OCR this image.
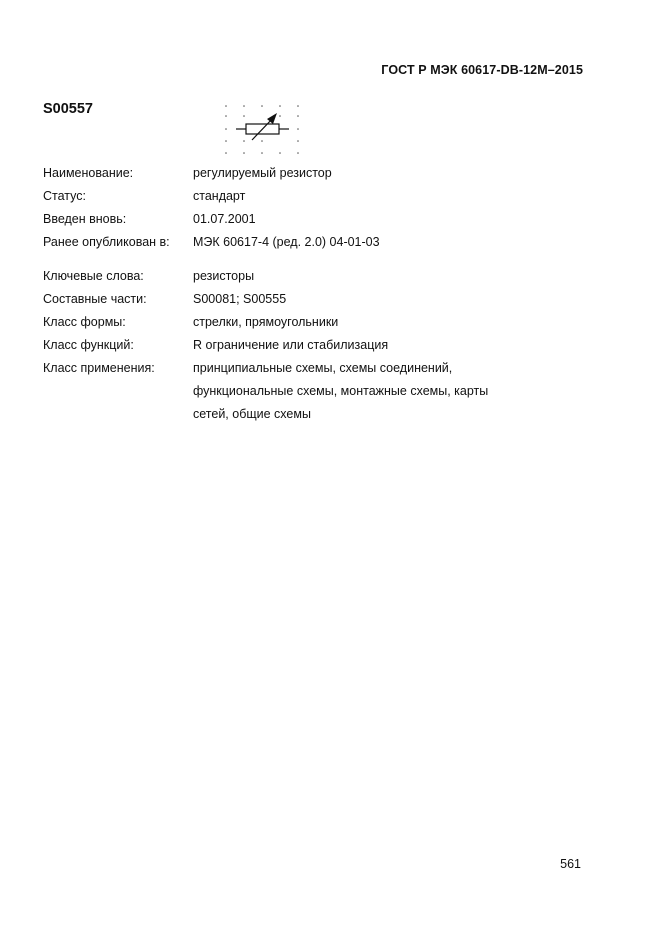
ГОСТ Р МЭК 60617-DB-12M–2015
S00557
Наименование:	регулируемый резистор
Статус:	стандарт
Введен вновь:	01.07.2001
Ранее опубликован в:	МЭК 60617-4 (ред. 2.0) 04-01-03
Ключевые слова:	резисторы
Составные части:	S00081; S00555
Класс формы:	стрелки, прямоугольники
Класс функций:	R ограничение или стабилизация
Класс применения:	принципиальные схемы, схемы соединений,
функциональные схемы, монтажные схемы, карты
сетей, общие схемы
561
